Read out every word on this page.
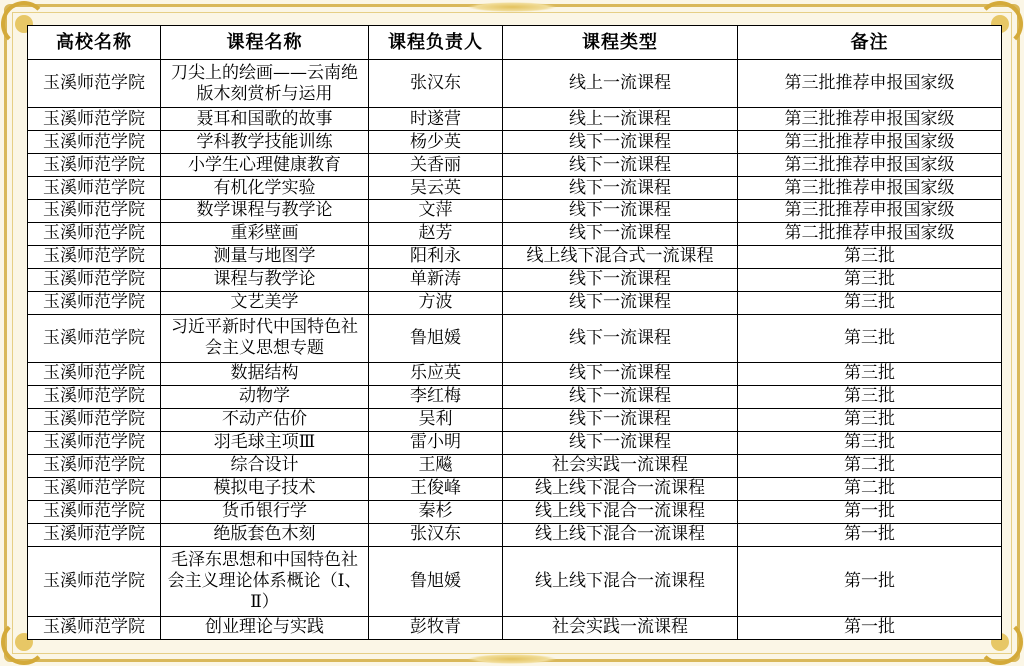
高校名称	课程名称	课程负责人	课程类型	备注
玉溪师范学院	刀尖上的绘画——云南绝版木刻赏析与运用	张汉东	线上一流课程	第三批推荐申报国家级
玉溪师范学院	聂耳和国歌的故事	时遂营	线上一流课程	第三批推荐申报国家级
玉溪师范学院	学科教学技能训练	杨少英	线下一流课程	第三批推荐申报国家级
玉溪师范学院	小学生心理健康教育	关香丽	线下一流课程	第三批推荐申报国家级
玉溪师范学院	有机化学实验	吴云英	线下一流课程	第三批推荐申报国家级
玉溪师范学院	数学课程与教学论	文萍	线下一流课程	第三批推荐申报国家级
玉溪师范学院	重彩壁画	赵芳	线下一流课程	第二批推荐申报国家级
玉溪师范学院	测量与地图学	阳利永	线上线下混合式一流课程	第三批
玉溪师范学院	课程与教学论	单新涛	线下一流课程	第三批
玉溪师范学院	文艺美学	方波	线下一流课程	第三批
玉溪师范学院	习近平新时代中国特色社会主义思想专题	鲁旭媛	线下一流课程	第三批
玉溪师范学院	数据结构	乐应英	线下一流课程	第三批
玉溪师范学院	动物学	李红梅	线下一流课程	第三批
玉溪师范学院	不动产估价	吴利	线下一流课程	第三批
玉溪师范学院	羽毛球主项Ⅲ	雷小明	线下一流课程	第三批
玉溪师范学院	综合设计	王飚	社会实践一流课程	第二批
玉溪师范学院	模拟电子技术	王俊峰	线上线下混合一流课程	第二批
玉溪师范学院	货币银行学	秦杉	线上线下混合一流课程	第一批
玉溪师范学院	绝版套色木刻	张汉东	线上线下混合一流课程	第一批
玉溪师范学院	毛泽东思想和中国特色社会主义理论体系概论（Ⅰ、Ⅱ）	鲁旭媛	线上线下混合一流课程	第一批
玉溪师范学院	创业理论与实践	彭牧青	社会实践一流课程	第一批
